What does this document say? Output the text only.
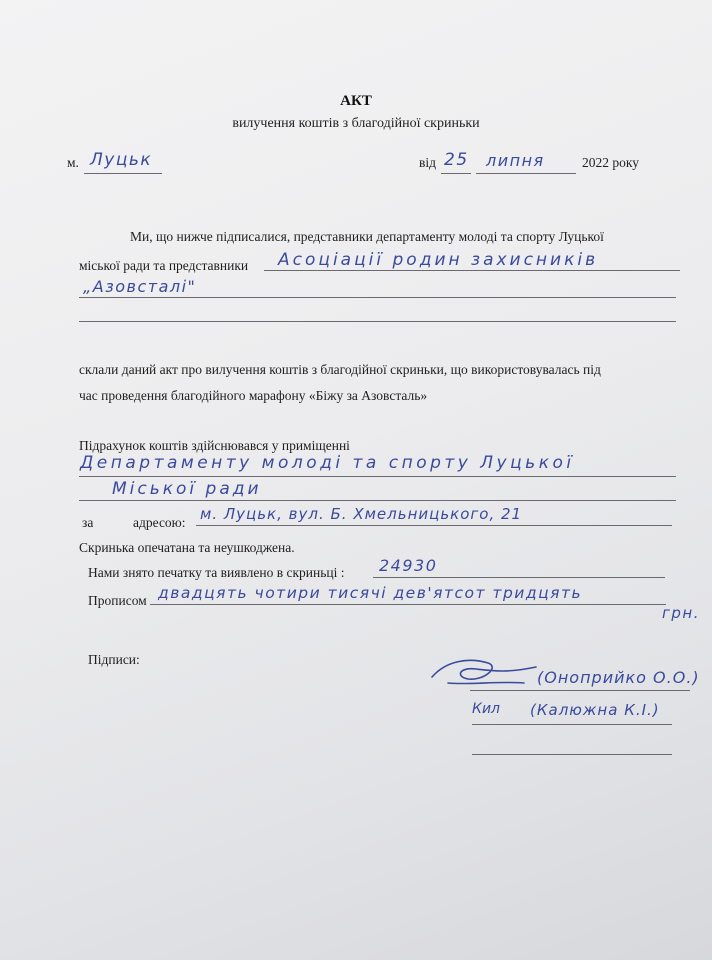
АКТ
вилучення коштів з благодійної скриньки
м. Луцьк	від 25 липня	2022 року
Ми, що нижче підписалися, представники департаменту молоді та спорту Луцької
міської ради та представники Асоціації родин захисників
„Азовсталі"
склали даний акт про вилучення коштів з благодійної скриньки, що використовувалась під
час проведення благодійного марафону «Біжу за Азовсталь»
Підрахунок коштів здійснювався у приміщенні
Департаменту молоді та спорту Луцької
Міської ради
за	адресою: м. Луцьк, вул. Б. Хмельницького, 21
Скринька опечатана та неушкоджена.
Нами знято печатку та виявлено в скриньці : 24930
Прописом двадцять чотири тисячі дев'ятсот тридцять
грн.
Підписи:
(Оноприйко О.О.)
Кил (Калюжна К.І.)
